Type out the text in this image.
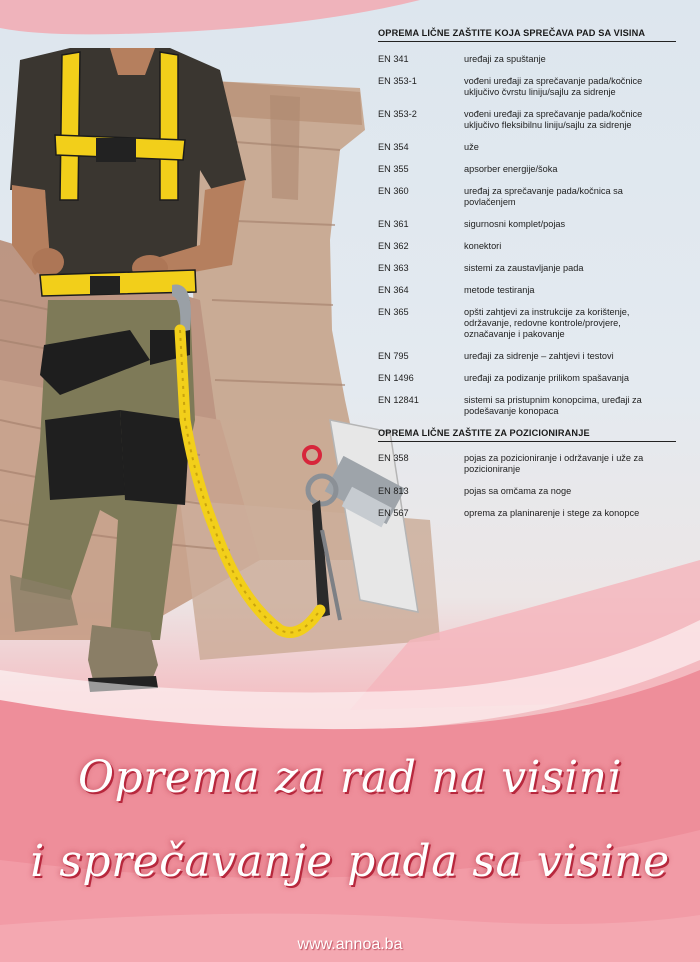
OPREMA LIČNE ZAŠTITE KOJA SPREČAVA PAD SA VISINA
EN 341	uređaji za spuštanje
EN 353-1	vođeni uređaji za sprečavanje pada/kočnice
uključivo čvrstu liniju/sajlu za sidrenje
EN 353-2	vođeni uređaji za sprečavanje pada/kočnice
uključivo fleksibilnu liniju/sajlu za sidrenje
EN 354	uže
EN 355	apsorber energije/šoka
EN 360	uređaj za sprečavanje pada/kočnica sa
povlačenjem
EN 361	sigurnosni komplet/pojas
EN 362	konektori
EN 363	sistemi za zaustavljanje pada
EN 364	metode testiranja
EN 365	opšti zahtjevi za instrukcije za korištenje,
održavanje, redovne kontrole/provjere,
označavanje i pakovanje
EN 795	uređaji za sidrenje – zahtjevi i testovi
EN 1496	uređaji za podizanje prilikom spašavanja
EN 12841	sistemi sa pristupnim konopcima, uređaji za
podešavanje konopaca
OPREMA LIČNE ZAŠTITE ZA POZICIONIRANJE
EN 358	pojas za pozicioniranje i održavanje i uže za
pozicioniranje
EN 813	pojas sa omčama za noge
EN 567	oprema za planinarenje i stege za konopce
Oprema za rad na visini
i sprečavanje pada sa visine
www.annoa.ba
